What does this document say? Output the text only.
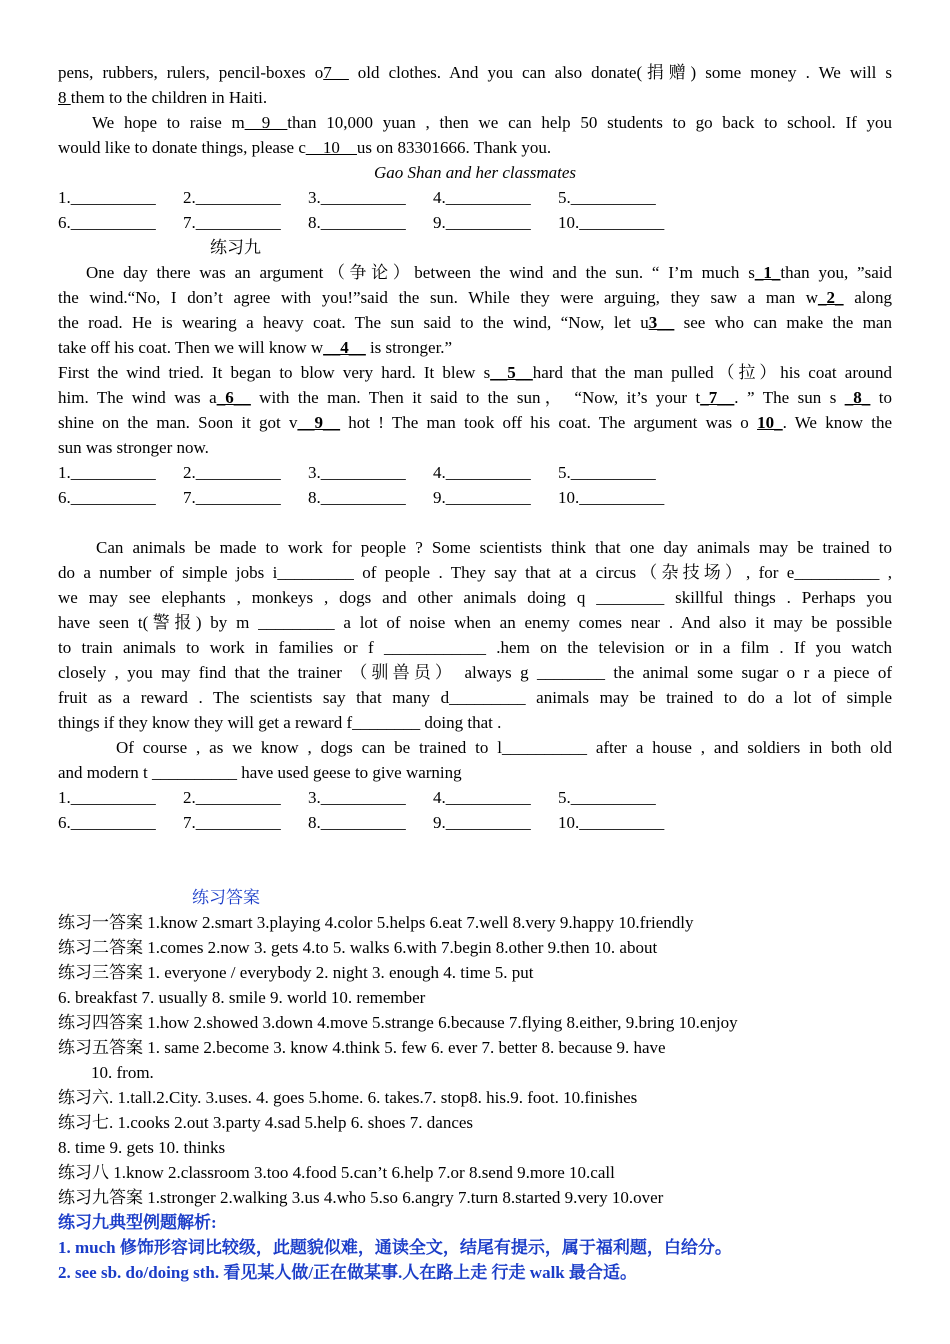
pens, rubbers, rulers, pencil-boxes o7__ old clothes. And you can also donate(捐赠) some money . We will s
8 them to the children in Haiti.
We hope to raise m__9__than 10,000 yuan , then we can help 50 students to go back to school. If you
would like to donate things, please c__10__us on 83301666. Thank you.
Gao Shan and her classmates
1.__________ 2.__________ 3.__________ 4.__________ 5.__________
6.__________ 7.__________ 8.__________ 9.__________ 10.__________
练习九
One day there was an argument（争论）between the wind and the sun. “ I’m much s_1_than you, ”said
the wind.“No, I don’t agree with you!”said the sun. While they were arguing, they saw a man w_2_ along
the road. He is wearing a heavy coat. The sun said to the wind, “Now, let u3__ see who can make the man
take off his coat. Then we will know w__4__ is stronger.”
First the wind tried. It began to blow very hard. It blew s__5__hard that the man pulled（拉）his coat around
him. The wind was a_6__ with the man. Then it said to the sun， “Now, it’s your t_7__. ” The sun s _8_ to
shine on the man. Soon it got v__9__ hot ! The man took off his coat. The argument was o 10_. We know the
sun was stronger now.
1.__________ 2.__________ 3.__________ 4.__________ 5.__________
6.__________ 7.__________ 8.__________ 9.__________ 10.__________
Can animals be made to work for people ? Some scientists think that one day animals may be trained to
do a number of simple jobs i_________ of people . They say that at a circus（杂技场）, for e__________ ,
we may see elephants , monkeys , dogs and other animals doing q ________ skillful things . Perhaps you
have seen t(警报) by m _________ a lot of noise when an enemy comes near . And also it may be possible
to train animals to work in families or f ____________ .hem on the television or in a film . If you watch
closely , you may find that the trainer （驯兽员） always g ________ the animal some sugar o r a piece of
fruit as a reward . The scientists say that many d_________ animals may be trained to do a lot of simple
things if they know they will get a reward f________ doing that .
Of course , as we know , dogs can be trained to l__________ after a house , and soldiers in both old
and modern t __________ have used geese to give warning
1.__________ 2.__________ 3.__________ 4.__________ 5.__________
6.__________ 7.__________ 8.__________ 9.__________ 10.__________
练习答案
练习一答案 1.know 2.smart 3.playing 4.color 5.helps 6.eat 7.well 8.very 9.happy 10.friendly
练习二答案 1.comes 2.now 3. gets 4.to 5. walks 6.with 7.begin 8.other 9.then 10. about
练习三答案 1. everyone / everybody 2. night 3. enough 4. time 5. put
6. breakfast 7. usually 8. smile 9. world 10. remember
练习四答案 1.how 2.showed 3.down 4.move 5.strange 6.because 7.flying 8.either, 9.bring 10.enjoy
练习五答案 1. same 2.become 3. know 4.think 5. few 6. ever 7. better 8. because 9. have
10. from.
练习六. 1.tall.2.City. 3.uses. 4. goes 5.home. 6. takes.7. stop8. his.9. foot. 10.finishes
练习七. 1.cooks 2.out 3.party 4.sad 5.help 6. shoes 7. dances
8. time 9. gets 10. thinks
练习八 1.know 2.classroom 3.too 4.food 5.can’t 6.help 7.or 8.send 9.more 10.call
练习九答案 1.stronger 2.walking 3.us 4.who 5.so 6.angry 7.turn 8.started 9.very 10.over
练习九典型例题解析:
1. much 修饰形容词比较级，此题貌似难，通读全文，结尾有提示，属于福利题，白给分。
2. see sb. do/doing sth. 看见某人做/正在做某事.人在路上走 行走 walk 最合适。
